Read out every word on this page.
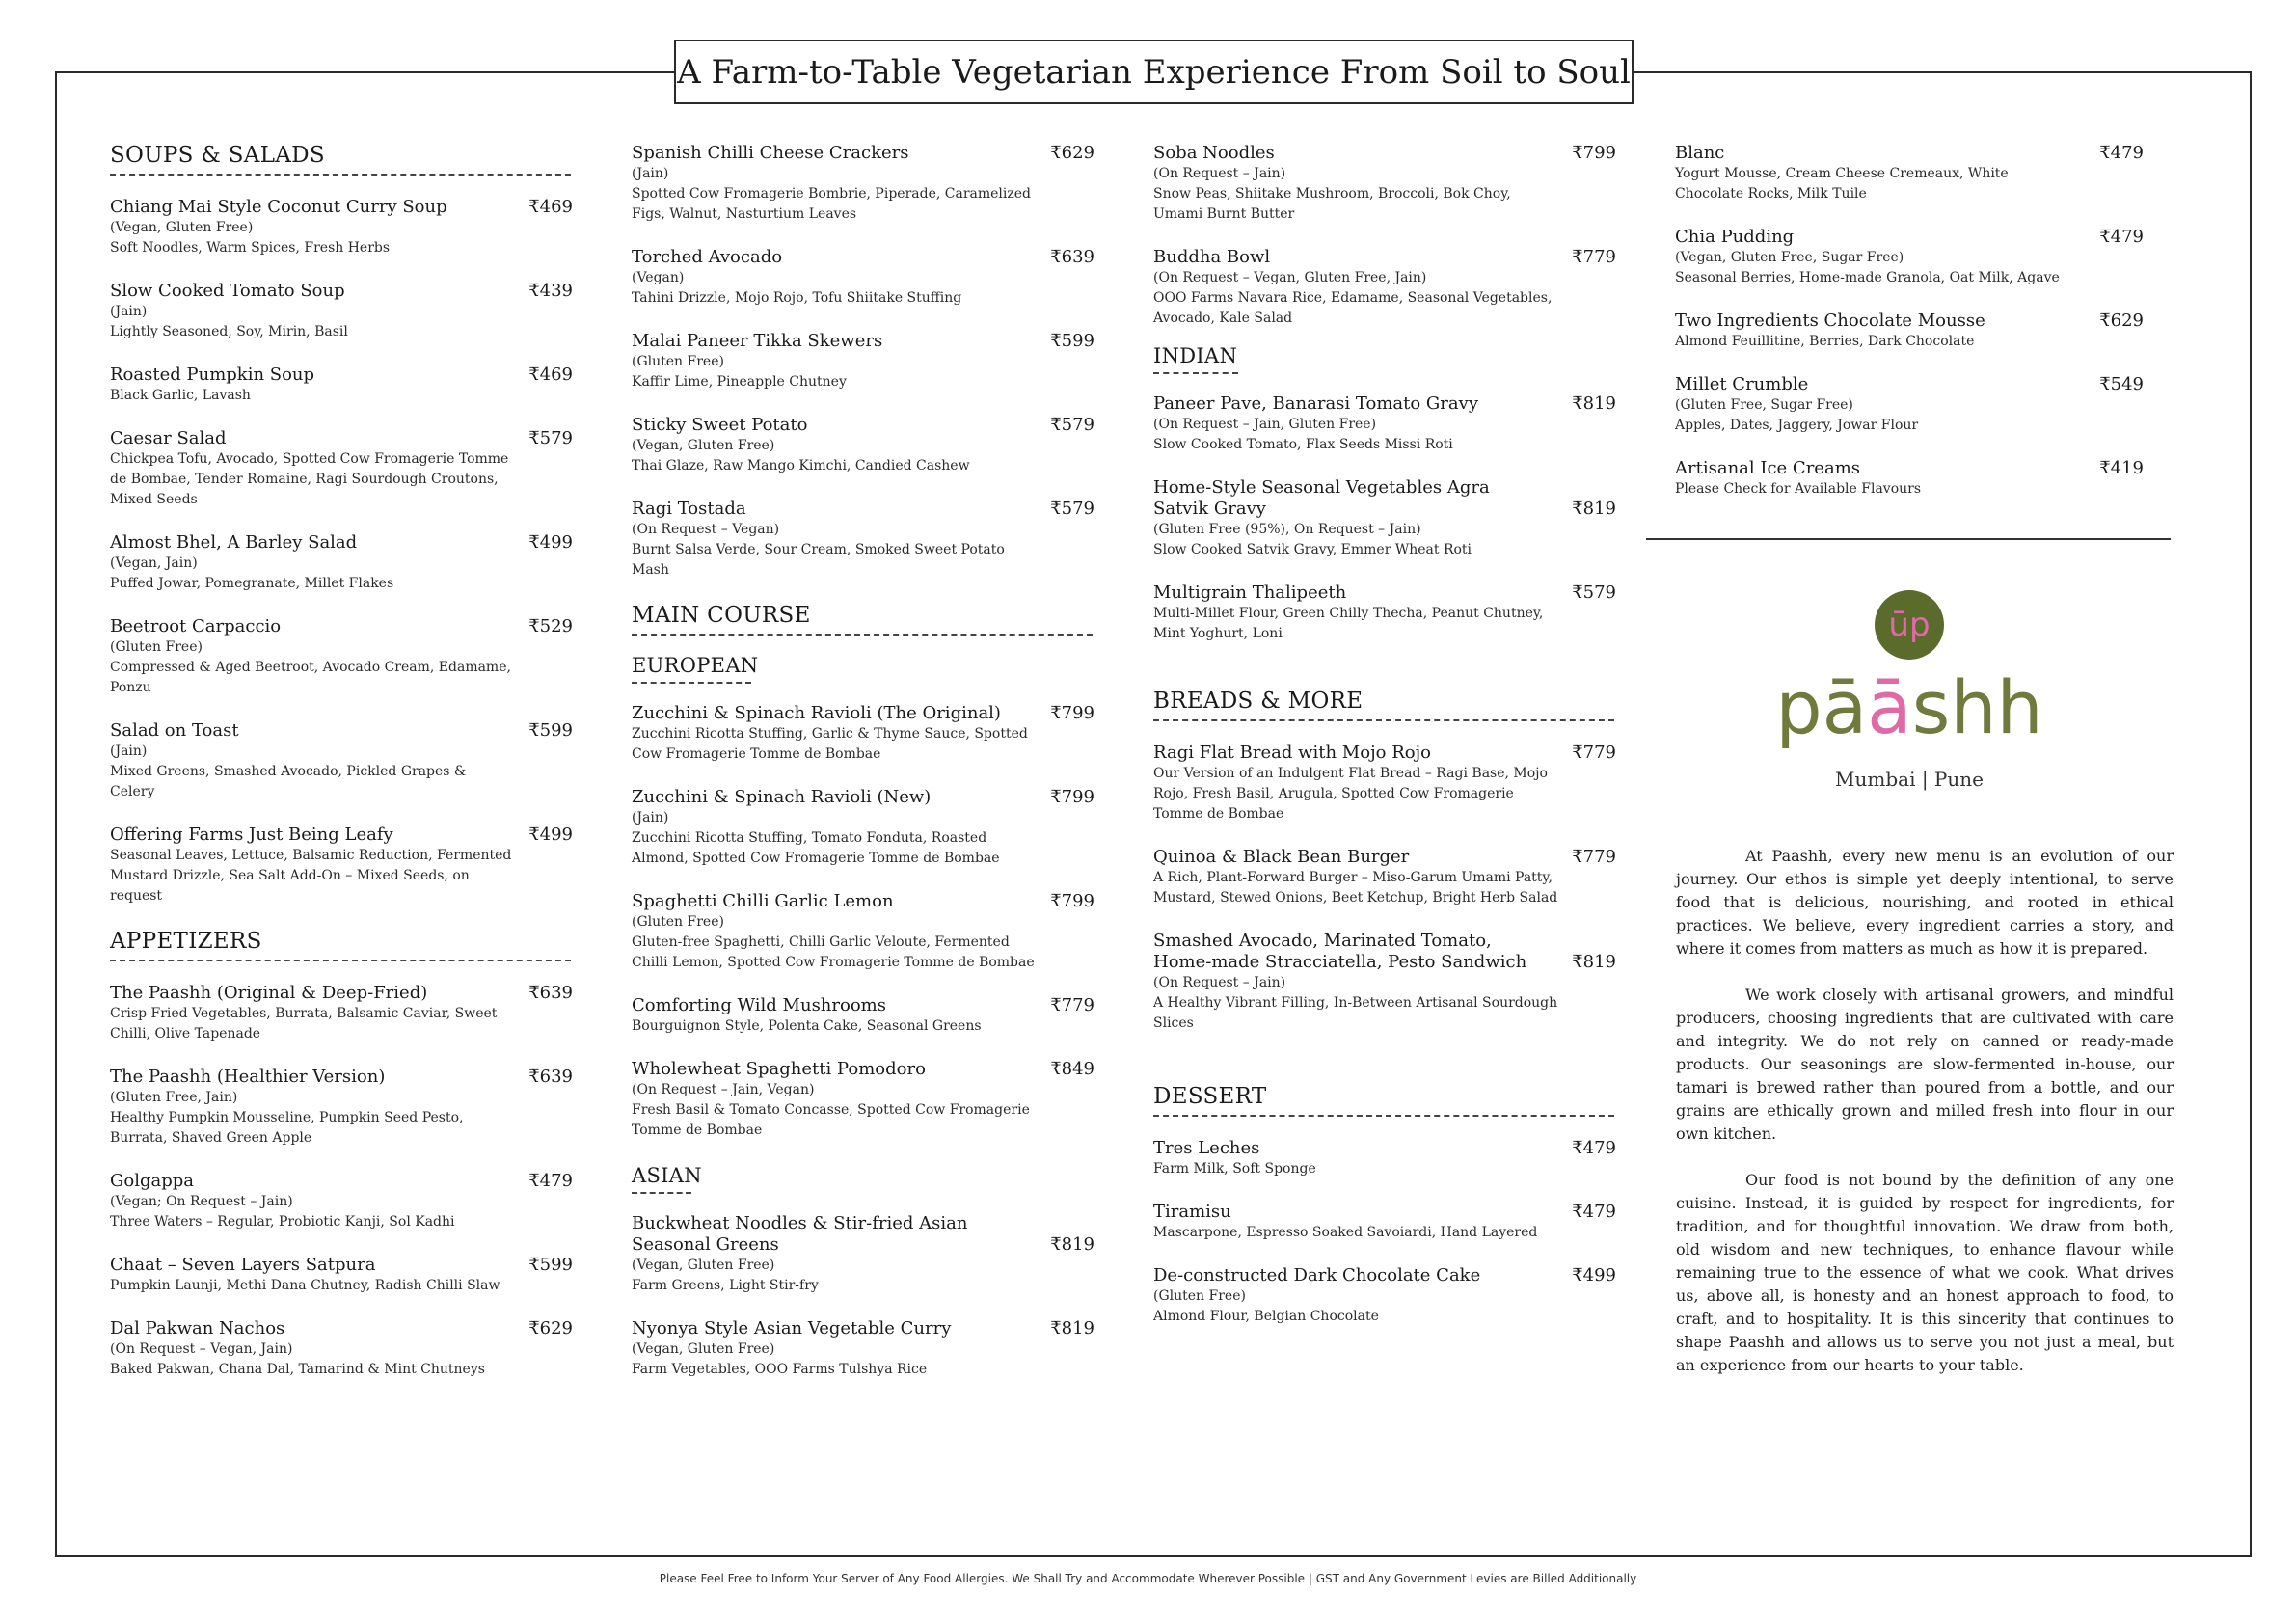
A Farm-to-Table Vegetarian Experience From Soil to Soul
SOUPS & SALADS
Chiang Mai Style Coconut Curry Soup	₹469
(Vegan, Gluten Free)
Soft Noodles, Warm Spices, Fresh Herbs
Slow Cooked Tomato Soup	₹439
(Jain)
Lightly Seasoned, Soy, Mirin, Basil
Roasted Pumpkin Soup	₹469
Black Garlic, Lavash
Caesar Salad	₹579
Chickpea Tofu, Avocado, Spotted Cow Fromagerie Tomme de Bombae, Tender Romaine, Ragi Sourdough Croutons, Mixed Seeds
Almost Bhel, A Barley Salad	₹499
(Vegan, Jain)
Puffed Jowar, Pomegranate, Millet Flakes
Beetroot Carpaccio	₹529
(Gluten Free)
Compressed & Aged Beetroot, Avocado Cream, Edamame, Ponzu
Salad on Toast	₹599
(Jain)
Mixed Greens, Smashed Avocado, Pickled Grapes & Celery
Offering Farms Just Being Leafy	₹499
Seasonal Leaves, Lettuce, Balsamic Reduction, Fermented Mustard Drizzle, Sea Salt Add-On – Mixed Seeds, on request
APPETIZERS
The Paashh (Original & Deep-Fried)	₹639
Crisp Fried Vegetables, Burrata, Balsamic Caviar, Sweet Chilli, Olive Tapenade
The Paashh (Healthier Version)	₹639
(Gluten Free, Jain)
Healthy Pumpkin Mousseline, Pumpkin Seed Pesto, Burrata, Shaved Green Apple
Golgappa	₹479
(Vegan; On Request – Jain)
Three Waters – Regular, Probiotic Kanji, Sol Kadhi
Chaat – Seven Layers Satpura	₹599
Pumpkin Launji, Methi Dana Chutney, Radish Chilli Slaw
Dal Pakwan Nachos	₹629
(On Request – Vegan, Jain)
Baked Pakwan, Chana Dal, Tamarind & Mint Chutneys
Spanish Chilli Cheese Crackers	₹629
(Jain)
Spotted Cow Fromagerie Bombrie, Piperade, Caramelized Figs, Walnut, Nasturtium Leaves
Torched Avocado	₹639
(Vegan)
Tahini Drizzle, Mojo Rojo, Tofu Shiitake Stuffing
Malai Paneer Tikka Skewers	₹599
(Gluten Free)
Kaffir Lime, Pineapple Chutney
Sticky Sweet Potato	₹579
(Vegan, Gluten Free)
Thai Glaze, Raw Mango Kimchi, Candied Cashew
Ragi Tostada	₹579
(On Request – Vegan)
Burnt Salsa Verde, Sour Cream, Smoked Sweet Potato Mash
MAIN COURSE
EUROPEAN
Zucchini & Spinach Ravioli (The Original)	₹799
Zucchini Ricotta Stuffing, Garlic & Thyme Sauce, Spotted Cow Fromagerie Tomme de Bombae
Zucchini & Spinach Ravioli (New)	₹799
(Jain)
Zucchini Ricotta Stuffing, Tomato Fonduta, Roasted Almond, Spotted Cow Fromagerie Tomme de Bombae
Spaghetti Chilli Garlic Lemon	₹799
(Gluten Free)
Gluten-free Spaghetti, Chilli Garlic Veloute, Fermented Chilli Lemon, Spotted Cow Fromagerie Tomme de Bombae
Comforting Wild Mushrooms	₹779
Bourguignon Style, Polenta Cake, Seasonal Greens
Wholewheat Spaghetti Pomodoro	₹849
(On Request – Jain, Vegan)
Fresh Basil & Tomato Concasse, Spotted Cow Fromagerie Tomme de Bombae
ASIAN
Buckwheat Noodles & Stir-fried Asian Seasonal Greens	₹819
(Vegan, Gluten Free)
Farm Greens, Light Stir-fry
Nyonya Style Asian Vegetable Curry	₹819
(Vegan, Gluten Free)
Farm Vegetables, OOO Farms Tulshya Rice
Soba Noodles	₹799
(On Request – Jain)
Snow Peas, Shiitake Mushroom, Broccoli, Bok Choy, Umami Burnt Butter
Buddha Bowl	₹779
(On Request – Vegan, Gluten Free, Jain)
OOO Farms Navara Rice, Edamame, Seasonal Vegetables, Avocado, Kale Salad
INDIAN
Paneer Pave, Banarasi Tomato Gravy	₹819
(On Request – Jain, Gluten Free)
Slow Cooked Tomato, Flax Seeds Missi Roti
Home-Style Seasonal Vegetables Agra Satvik Gravy	₹819
(Gluten Free (95%), On Request – Jain)
Slow Cooked Satvik Gravy, Emmer Wheat Roti
Multigrain Thalipeeth	₹579
Multi-Millet Flour, Green Chilly Thecha, Peanut Chutney, Mint Yoghurt, Loni
BREADS & MORE
Ragi Flat Bread with Mojo Rojo	₹779
Our Version of an Indulgent Flat Bread – Ragi Base, Mojo Rojo, Fresh Basil, Arugula, Spotted Cow Fromagerie Tomme de Bombae
Quinoa & Black Bean Burger	₹779
A Rich, Plant-Forward Burger – Miso-Garum Umami Patty, Mustard, Stewed Onions, Beet Ketchup, Bright Herb Salad
Smashed Avocado, Marinated Tomato, Home-made Stracciatella, Pesto Sandwich	₹819
(On Request – Jain)
A Healthy Vibrant Filling, In-Between Artisanal Sourdough Slices
DESSERT
Tres Leches	₹479
Farm Milk, Soft Sponge
Tiramisu	₹479
Mascarpone, Espresso Soaked Savoiardi, Hand Layered
De-constructed Dark Chocolate Cake	₹499
(Gluten Free)
Almond Flour, Belgian Chocolate
Blanc	₹479
Yogurt Mousse, Cream Cheese Cremeaux, White Chocolate Rocks, Milk Tuile
Chia Pudding	₹479
(Vegan, Gluten Free, Sugar Free)
Seasonal Berries, Home-made Granola, Oat Milk, Agave
Two Ingredients Chocolate Mousse	₹629
Almond Feuillitine, Berries, Dark Chocolate
Millet Crumble	₹549
(Gluten Free, Sugar Free)
Apples, Dates, Jaggery, Jowar Flour
Artisanal Ice Creams	₹419
Please Check for Available Flavours
ūp
pāāshh
Mumbai | Pune

At Paashh, every new menu is an evolution of our journey. Our ethos is simple yet deeply intentional, to serve food that is delicious, nourishing, and rooted in ethical practices. We believe, every ingredient carries a story, and where it comes from matters as much as how it is prepared.

We work closely with artisanal growers, and mindful producers, choosing ingredients that are cultivated with care and integrity. We do not rely on canned or ready-made products. Our seasonings are slow-fermented in-house, our tamari is brewed rather than poured from a bottle, and our grains are ethically grown and milled fresh into flour in our own kitchen.

Our food is not bound by the definition of any one cuisine. Instead, it is guided by respect for ingredients, for tradition, and for thoughtful innovation. We draw from both, old wisdom and new techniques, to enhance flavour while remaining true to the essence of what we cook. What drives us, above all, is honesty and an honest approach to food, to craft, and to hospitality. It is this sincerity that continues to shape Paashh and allows us to serve you not just a meal, but an experience from our hearts to your table.

Please Feel Free to Inform Your Server of Any Food Allergies. We Shall Try and Accommodate Wherever Possible | GST and Any Government Levies are Billed Additionally
